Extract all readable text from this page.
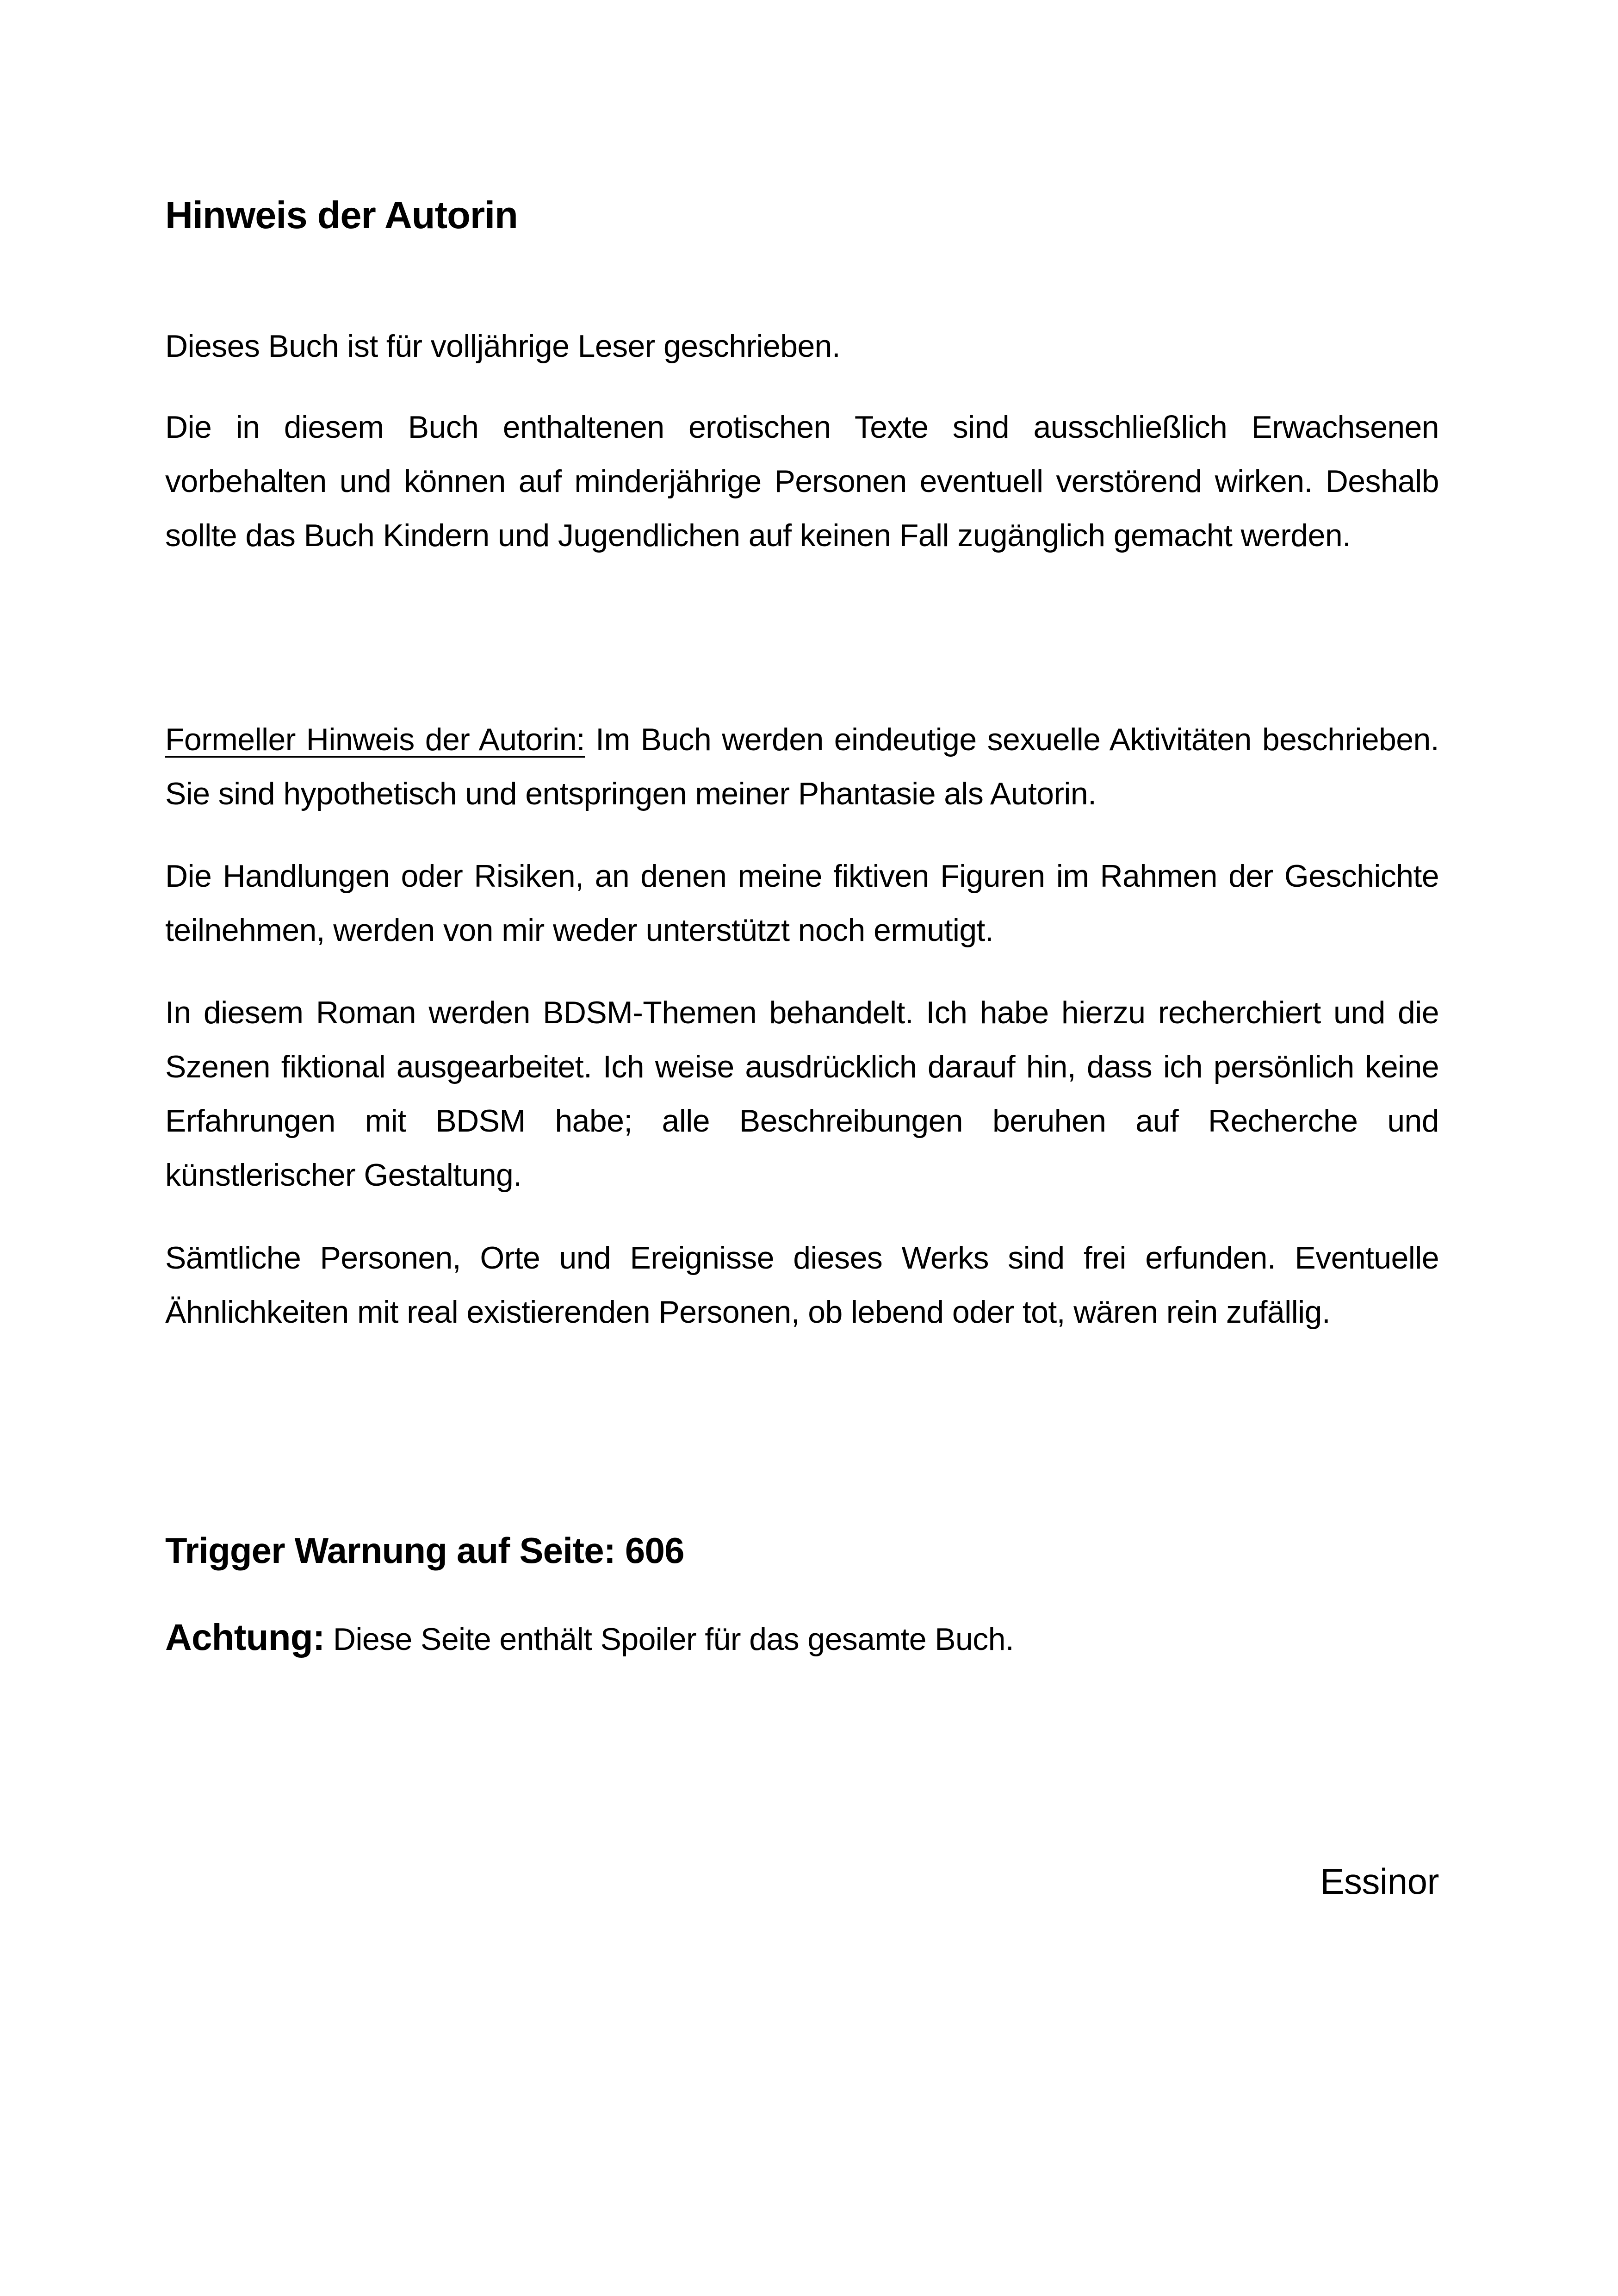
Hinweis der Autorin
Dieses Buch ist für volljährige Leser geschrieben.
Die in diesem Buch enthaltenen erotischen Texte sind ausschließlich Erwachsenen vorbehalten und können auf minderjährige Personen eventuell verstörend wirken. Deshalb sollte das Buch Kindern und Jugendlichen auf keinen Fall zugänglich gemacht werden.
Formeller Hinweis der Autorin: Im Buch werden eindeutige sexuelle Aktivitäten beschrieben. Sie sind hypothetisch und entspringen meiner Phantasie als Autorin.
Die Handlungen oder Risiken, an denen meine fiktiven Figuren im Rahmen der Geschichte teilnehmen, werden von mir weder unterstützt noch ermutigt.
In diesem Roman werden BDSM-Themen behandelt. Ich habe hierzu recherchiert und die Szenen fiktional ausgearbeitet. Ich weise ausdrücklich darauf hin, dass ich persönlich keine Erfahrungen mit BDSM habe; alle Beschreibungen beruhen auf Recherche und künstlerischer Gestaltung.
Sämtliche Personen, Orte und Ereignisse dieses Werks sind frei erfunden. Eventuelle Ähnlichkeiten mit real existierenden Personen, ob lebend oder tot, wären rein zufällig.
Trigger Warnung auf Seite: 606
Achtung: Diese Seite enthält Spoiler für das gesamte Buch.
Essinor
